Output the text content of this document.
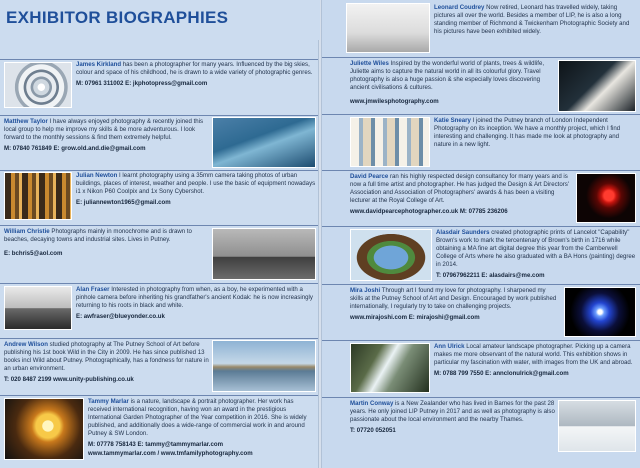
EXHIBITOR BIOGRAPHIES

James Kirkland has been a photographer for many years. Influenced by the big skies, colour and space of his childhood, he is drawn to a wide variety of photographic genres.

M: 07961 311002 E: jkphotopress@gmail.com

Matthew Taylor I have always enjoyed photography & recently joined this local group to help me improve my skills & be more adventurous. I look forward to the monthly sessions & find them extremely helpful.

M: 07840 761849 E: grow.old.and.die@gmail.com

Julian Newton I learnt photography using a 35mm camera taking photos of urban buildings, places of interest, weather and people. I use the basic of equipment nowadays i1 x Nikon P60 Coolpix and 1x Sony Cybershot.

E: juliannewton1965@gmail.com

William Christie Photographs mainly in monochrome and is drawn to beaches, decaying towns and industrial sites. Lives in Putney.

E: bchris5@aol.com

Alan Fraser Interested in photography from when, as a boy, he experimented with a pinhole camera before inheriting his grandfather's ancient Kodak: he is now increasingly returning to his roots in black and white.

E: awfraser@blueyonder.co.uk

Andrew Wilson studied photography at The Putney School of Art before publishing his 1st book Wild in the City in 2009. He has since published 13 books incl Wild about Putney. Photographically, has a fondness for nature in an urban environment.

T: 020 8487 2199 www.unity-publishing.co.uk

Tammy Marlar is a nature, landscape & portrait photographer. Her work has received international recognition, having won an award in the prestigious International Garden Photographer of the Year competition in 2016. She is widely published, and additionally does a wide-range of commercial work in and around Putney & SW London.

M: 07778 758143 E: tammy@tammymarlar.com

www.tammymarlar.com / www.tmfamilyphotography.com

Leonard Coudrey Now retired, Leonard has travelled widely, taking pictures all over the world. Besides a member of LIP, he is also a long standing member of Richmond & Twickenham Photographic Society and his pictures have been exhibited widely.

Juliette Wiles Inspired by the wonderful world of plants, trees & wildlife, Juliette aims to capture the natural world in all its colourful glory. Travel photography is also a huge passion & she especially loves discovering ancient civilisations & cultures.

www.jmwilesphotography.com

Katie Sneary I joined the Putney branch of London Independent Photography on its inception. We have a monthly project, which I find interesting and challenging. It has made me look at photography and nature in a new light.

David Pearce ran his highly respected design consultancy for many years and is now a full time artist and photographer. He has judged the Design & Art Directors' Association and Association of Photographers' awards & has been a visiting lecturer at the Royal College of Art.

www.davidpearcephotographer.co.uk M: 07785 236206

Alasdair Saunders created photographic prints of Lancelot "Capability" Brown's work to mark the tercentenary of Brown's birth in 1716 while obtaining a MA fine art digital degree this year from the Camberwell College of Arts where he also graduated with a BA Hons (painting) degree in 2014.

T: 07967962211 E: alasdairs@me.com

Mira Joshi Through art I found my love for photography. I sharpened my skills at the Putney School of Art and Design. Encouraged by work published internationally, I regularly try to take on challenging projects.

www.mirajoshi.com E: mirajoshi@gmail.com

Ann Ulrick Local amateur landscape photographer. Picking up a camera makes me more observant of the natural world. This exhibition shows in particular my fascination with water, with images from the UK and abroad.

M: 0788 799 7550 E: annclonulrick@gmail.com

Martin Conway is a New Zealander who has lived in Barnes for the past 28 years. He only joined LIP Putney in 2017 and as well as photography is also passionate about the local environment and the nearby Thames.

T: 07720 052051
